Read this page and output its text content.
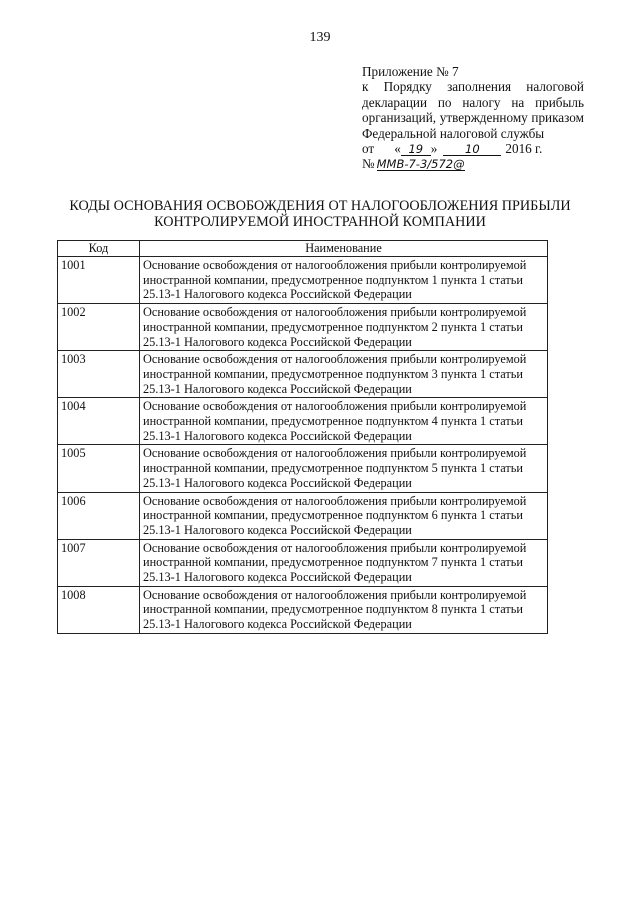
139
Приложение № 7
к Порядку заполнения налоговой
декларации по налогу на прибыль
организаций, утвержденному приказом
Федеральной налоговой службы
от « 19 »	10	2016 г.
№ ММВ-7-3/572@
КОДЫ ОСНОВАНИЯ ОСВОБОЖДЕНИЯ ОТ НАЛОГООБЛОЖЕНИЯ ПРИБЫЛИ
КОНТРОЛИРУЕМОЙ ИНОСТРАННОЙ КОМПАНИИ
Код	Наименование
1001	Основание освобождения от налогообложения прибыли контролируемой
иностранной компании, предусмотренное подпунктом 1 пункта 1 статьи
25.13-1 Налогового кодекса Российской Федерации

1002	Основание освобождения от налогообложения прибыли контролируемой
иностранной компании, предусмотренное подпунктом 2 пункта 1 статьи
25.13-1 Налогового кодекса Российской Федерации

1003	Основание освобождения от налогообложения прибыли контролируемой
иностранной компании, предусмотренное подпунктом 3 пункта 1 статьи
25.13-1 Налогового кодекса Российской Федерации

1004	Основание освобождения от налогообложения прибыли контролируемой
иностранной компании, предусмотренное подпунктом 4 пункта 1 статьи
25.13-1 Налогового кодекса Российской Федерации

1005	Основание освобождения от налогообложения прибыли контролируемой
иностранной компании, предусмотренное подпунктом 5 пункта 1 статьи
25.13-1 Налогового кодекса Российской Федерации

1006	Основание освобождения от налогообложения прибыли контролируемой
иностранной компании, предусмотренное подпунктом 6 пункта 1 статьи
25.13-1 Налогового кодекса Российской Федерации

1007	Основание освобождения от налогообложения прибыли контролируемой
иностранной компании, предусмотренное подпунктом 7 пункта 1 статьи
25.13-1 Налогового кодекса Российской Федерации

1008	Основание освобождения от налогообложения прибыли контролируемой
иностранной компании, предусмотренное подпунктом 8 пункта 1 статьи
25.13-1 Налогового кодекса Российской Федерации
